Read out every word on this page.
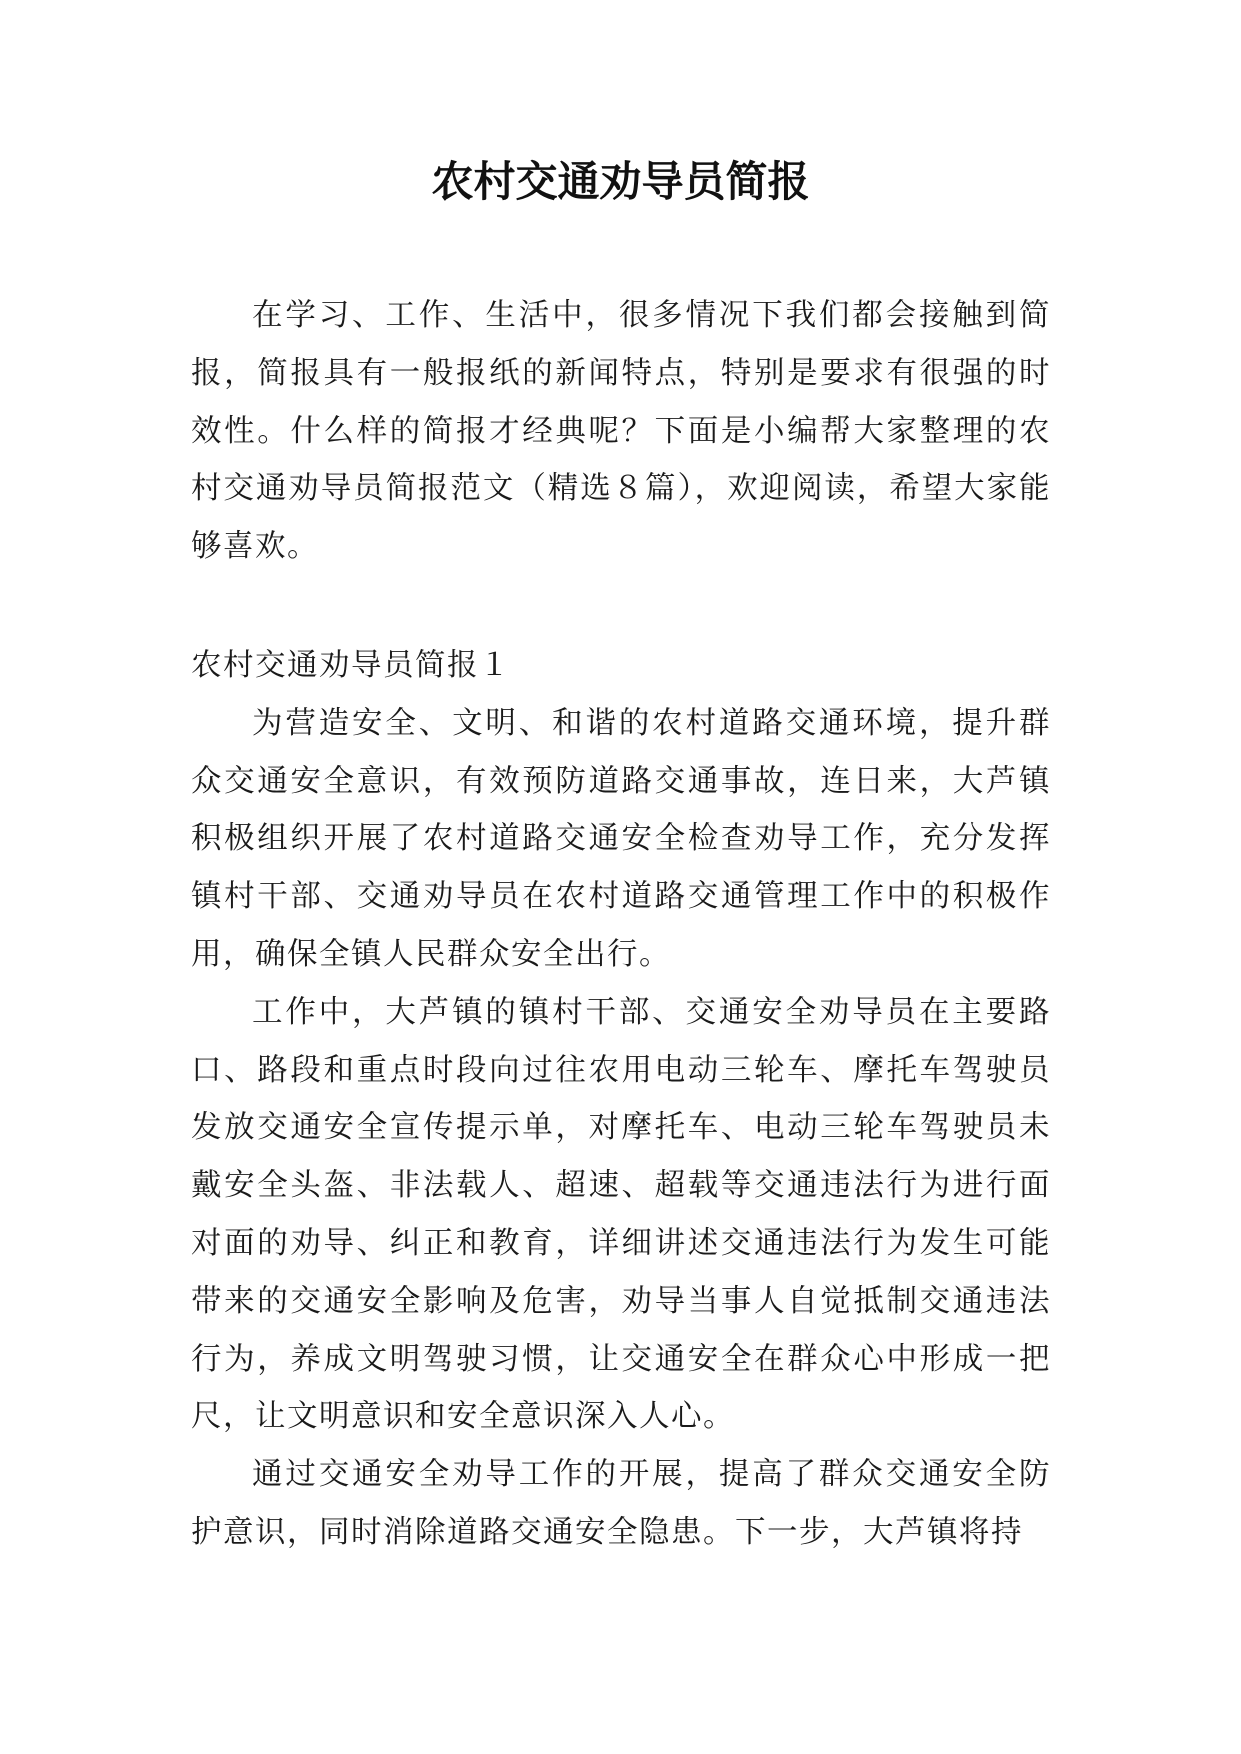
农村交通劝导员简报

在学习、工作、生活中，很多情况下我们都会接触到简报，简报具有一般报纸的新闻特点，特别是要求有很强的时效性。什么样的简报才经典呢？下面是小编帮大家整理的农村交通劝导员简报范文（精选８篇），欢迎阅读，希望大家能够喜欢。

农村交通劝导员简报１

为营造安全、文明、和谐的农村道路交通环境，提升群众交通安全意识，有效预防道路交通事故，连日来，大芦镇积极组织开展了农村道路交通安全检查劝导工作，充分发挥镇村干部、交通劝导员在农村道路交通管理工作中的积极作用，确保全镇人民群众安全出行。

工作中，大芦镇的镇村干部、交通安全劝导员在主要路口、路段和重点时段向过往农用电动三轮车、摩托车驾驶员发放交通安全宣传提示单，对摩托车、电动三轮车驾驶员未戴安全头盔、非法载人、超速、超载等交通违法行为进行面对面的劝导、纠正和教育，详细讲述交通违法行为发生可能带来的交通安全影响及危害，劝导当事人自觉抵制交通违法行为，养成文明驾驶习惯，让交通安全在群众心中形成一把尺，让文明意识和安全意识深入人心。

通过交通安全劝导工作的开展，提高了群众交通安全防护意识，同时消除道路交通安全隐患。下一步，大芦镇将持
